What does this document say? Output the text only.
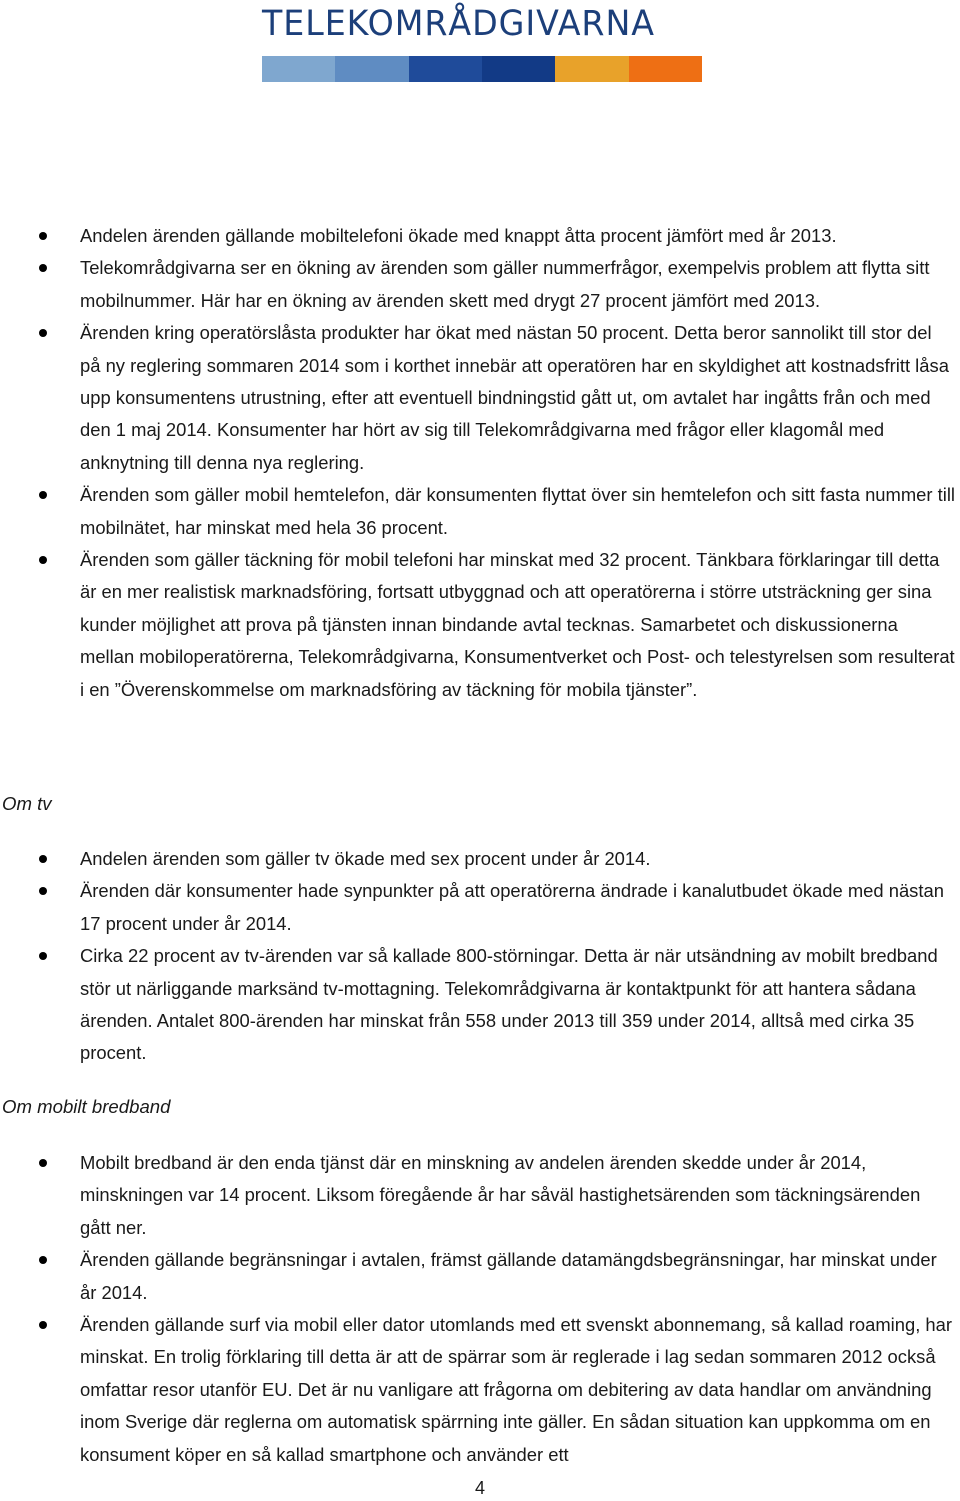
TELEKOMRÅDGIVARNA
Andelen ärenden gällande mobiltelefoni ökade med knappt åtta procent jämfört med år 2013.
Telekområdgivarna ser en ökning av ärenden som gäller nummerfrågor, exempelvis problem att flytta sitt mobilnummer. Här har en ökning av ärenden skett med drygt 27 procent jämfört med 2013.
Ärenden kring operatörslåsta produkter har ökat med nästan 50 procent. Detta beror sannolikt till stor del på ny reglering sommaren 2014 som i korthet innebär att operatören har en skyldighet att kostnadsfritt låsa upp konsumentens utrustning, efter att eventuell bindningstid gått ut, om avtalet har ingåtts från och med den 1 maj 2014. Konsumenter har hört av sig till Telekområdgivarna med frågor eller klagomål med anknytning till denna nya reglering.
Ärenden som gäller mobil hemtelefon, där konsumenten flyttat över sin hemtelefon och sitt fasta nummer till mobilnätet, har minskat med hela 36 procent.
Ärenden som gäller täckning för mobil telefoni har minskat med 32 procent. Tänkbara förklaringar till detta är en mer realistisk marknadsföring, fortsatt utbyggnad och att operatörerna i större utsträckning ger sina kunder möjlighet att prova på tjänsten innan bindande avtal tecknas. Samarbetet och diskussionerna mellan mobiloperatörerna, Telekområdgivarna, Konsumentverket och Post- och telestyrelsen som resulterat i en ”Överenskommelse om marknadsföring av täckning för mobila tjänster”.
Om tv
Andelen ärenden som gäller tv ökade med sex procent under år 2014.
Ärenden där konsumenter hade synpunkter på att operatörerna ändrade i kanalutbudet ökade med nästan 17 procent under år 2014.
Cirka 22 procent av tv-ärenden var så kallade 800-störningar. Detta är när utsändning av mobilt bredband stör ut närliggande marksänd tv-mottagning. Telekområdgivarna är kontaktpunkt för att hantera sådana ärenden. Antalet 800-ärenden har minskat från 558 under 2013 till 359 under 2014, alltså med cirka 35 procent.
Om mobilt bredband
Mobilt bredband är den enda tjänst där en minskning av andelen ärenden skedde under år 2014, minskningen var 14 procent. Liksom föregående år har såväl hastighetsärenden som täckningsärenden gått ner.
Ärenden gällande begränsningar i avtalen, främst gällande datamängdsbegränsningar, har minskat under år 2014.
Ärenden gällande surf via mobil eller dator utomlands med ett svenskt abonnemang, så kallad roaming, har minskat. En trolig förklaring till detta är att de spärrar som är reglerade i lag sedan sommaren 2012 också omfattar resor utanför EU. Det är nu vanligare att frågorna om debitering av data handlar om användning inom Sverige där reglerna om automatisk spärrning inte gäller. En sådan situation kan uppkomma om en konsument köper en så kallad smartphone och använder ett
4
